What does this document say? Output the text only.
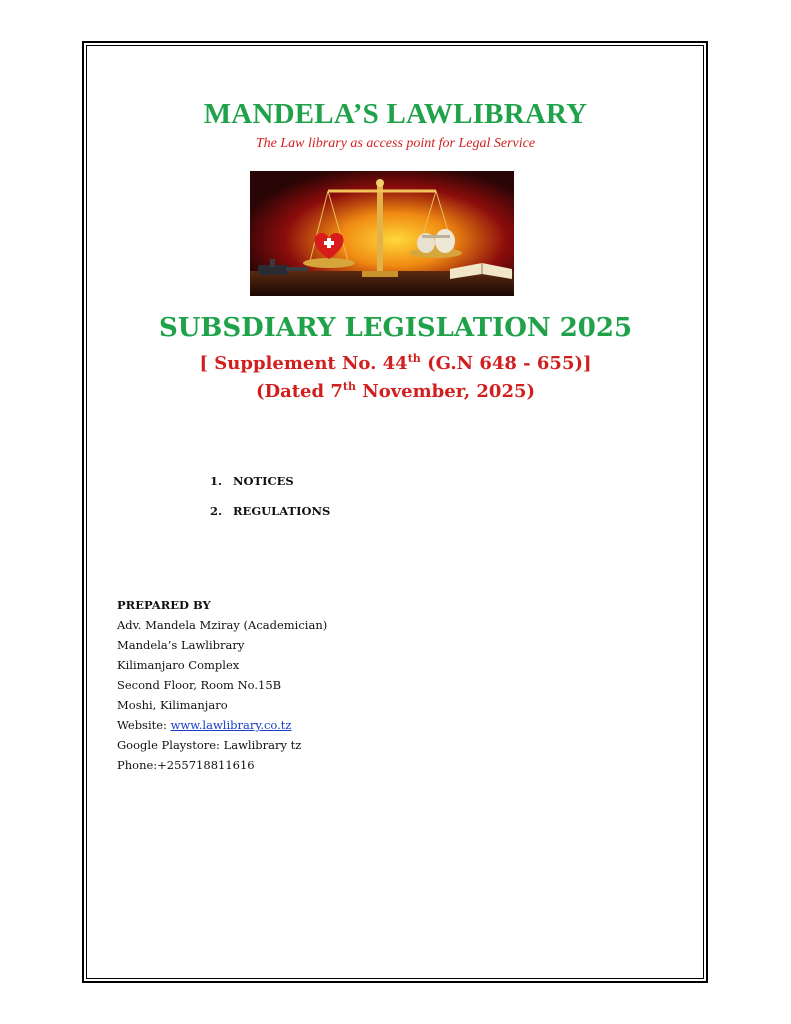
MANDELA’S LAWLIBRARY
The Law library as access point for Legal Service
SUBSDIARY LEGISLATION 2025
[ Supplement No. 44th (G.N 648 - 655)]
(Dated 7th November, 2025)
1. NOTICES
2. REGULATIONS
PREPARED BY
Adv. Mandela Mziray (Academician)
Mandela’s Lawlibrary
Kilimanjaro Complex
Second Floor, Room No.15B
Moshi, Kilimanjaro
Website: www.lawlibrary.co.tz
Google Playstore: Lawlibrary tz
Phone:+255718811616
